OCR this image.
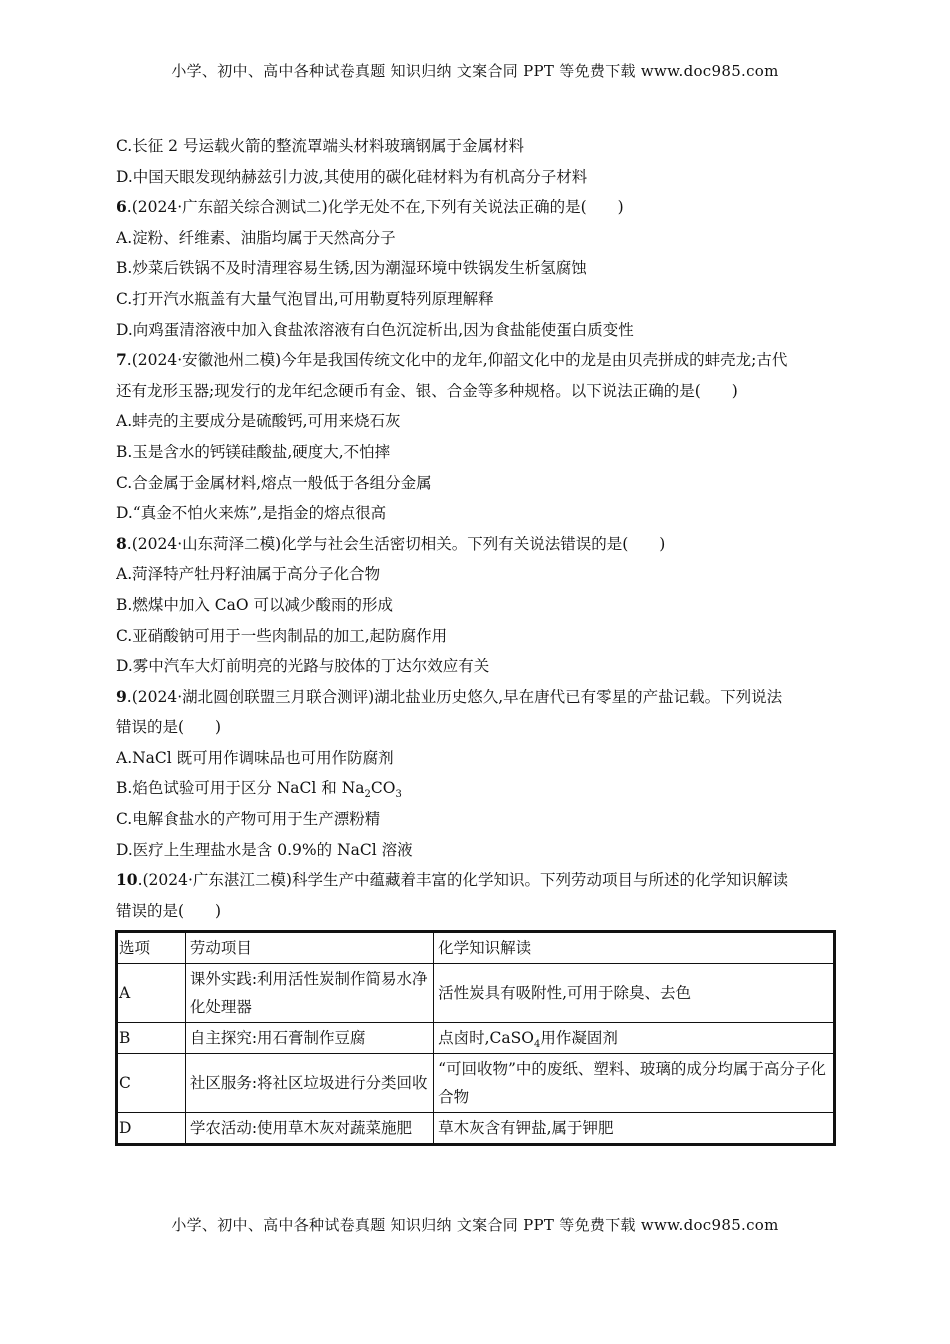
小学、初中、高中各种试卷真题 知识归纳 文案合同 PPT 等免费下载 www.doc985.com
C.长征 2 号运载火箭的整流罩端头材料玻璃钢属于金属材料
D.中国天眼发现纳赫兹引力波,其使用的碳化硅材料为有机高分子材料
6.(2024·广东韶关综合测试二)化学无处不在,下列有关说法正确的是(　　)
A.淀粉、纤维素、油脂均属于天然高分子
B.炒菜后铁锅不及时清理容易生锈,因为潮湿环境中铁锅发生析氢腐蚀
C.打开汽水瓶盖有大量气泡冒出,可用勒夏特列原理解释
D.向鸡蛋清溶液中加入食盐浓溶液有白色沉淀析出,因为食盐能使蛋白质变性
7.(2024·安徽池州二模)今年是我国传统文化中的龙年,仰韶文化中的龙是由贝壳拼成的蚌壳龙;古代
还有龙形玉器;现发行的龙年纪念硬币有金、银、合金等多种规格。以下说法正确的是(　　)
A.蚌壳的主要成分是硫酸钙,可用来烧石灰
B.玉是含水的钙镁硅酸盐,硬度大,不怕摔
C.合金属于金属材料,熔点一般低于各组分金属
D.“真金不怕火来炼”,是指金的熔点很高
8.(2024·山东菏泽二模)化学与社会生活密切相关。下列有关说法错误的是(　　)
A.菏泽特产牡丹籽油属于高分子化合物
B.燃煤中加入 CaO 可以减少酸雨的形成
C.亚硝酸钠可用于一些肉制品的加工,起防腐作用
D.雾中汽车大灯前明亮的光路与胶体的丁达尔效应有关
9.(2024·湖北圆创联盟三月联合测评)湖北盐业历史悠久,早在唐代已有零星的产盐记载。下列说法
错误的是(　　)
A.NaCl 既可用作调味品也可用作防腐剂
B.焰色试验可用于区分 NaCl 和 $Na_2CO_3$
C.电解食盐水的产物可用于生产漂粉精
D.医疗上生理盐水是含 0.9%的 NaCl 溶液
10.(2024·广东湛江二模)科学生产中蕴藏着丰富的化学知识。下列劳动项目与所述的化学知识解读
错误的是(　　)
选项	劳动项目	化学知识解读
A	课外实践:利用活性炭制作简易水净化处理器	活性炭具有吸附性,可用于除臭、去色
B	自主探究:用石膏制作豆腐	点卤时,CaSO$_4$用作凝固剂
C	社区服务:将社区垃圾进行分类回收	“可回收物”中的废纸、塑料、玻璃的成分均属于高分子化合物
D	学农活动:使用草木灰对蔬菜施肥	草木灰含有钾盐,属于钾肥
小学、初中、高中各种试卷真题 知识归纳 文案合同 PPT 等免费下载 www.doc985.com
